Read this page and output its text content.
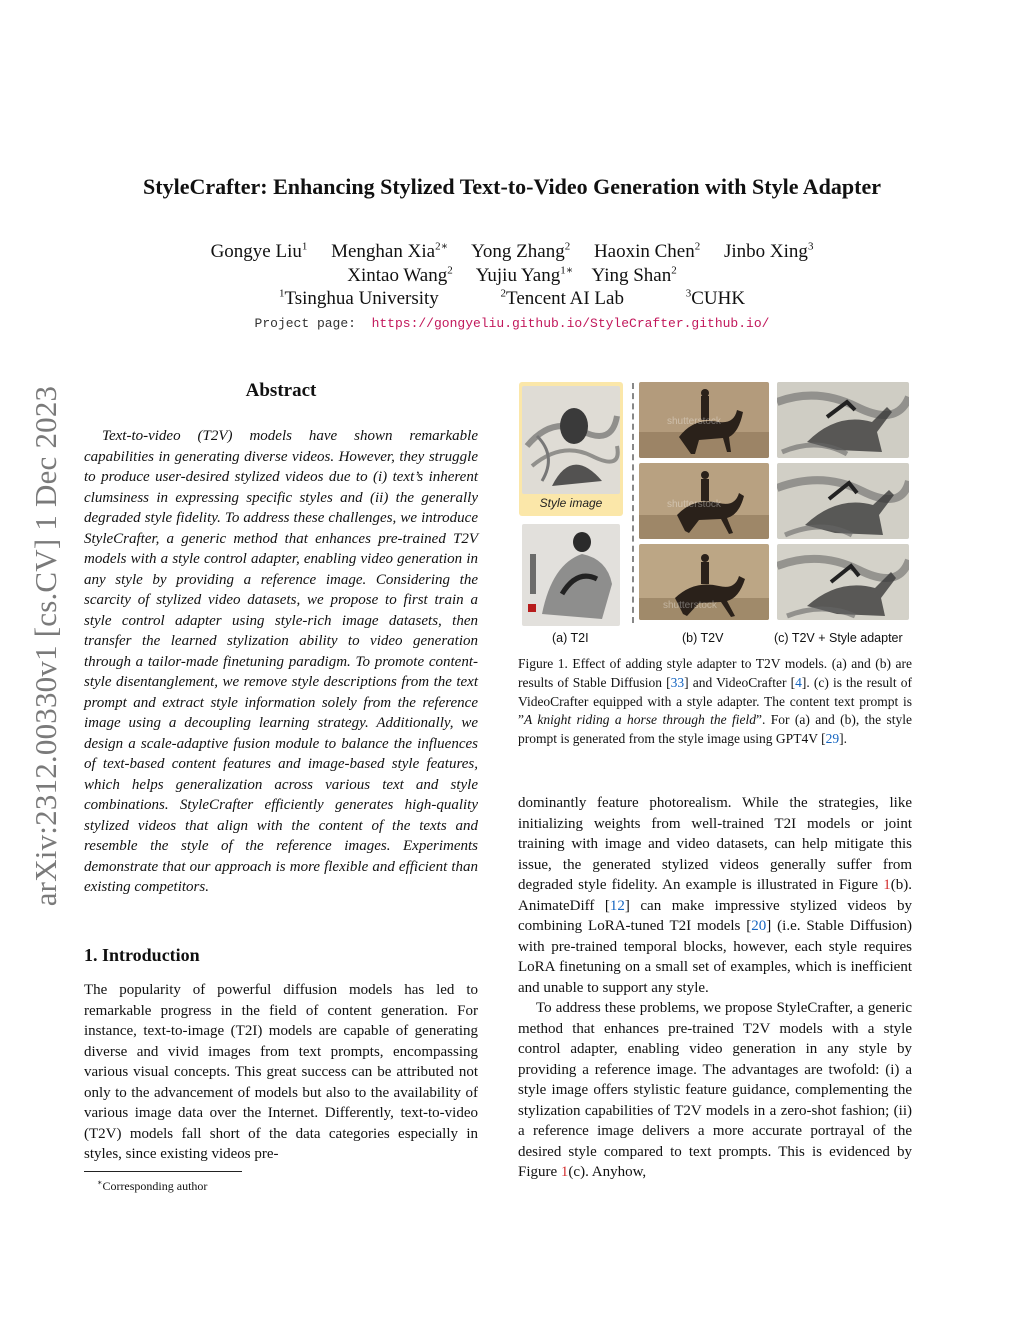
arXiv:2312.00330v1 [cs.CV] 1 Dec 2023
StyleCrafter: Enhancing Stylized Text-to-Video Generation with Style Adapter
Gongye Liu$^1$ Menghan Xia$^{2∗}$ Yong Zhang$^2$ Haoxin Chen$^2$ Jinbo Xing$^3$
Xintao Wang$^2$ Yujiu Yang$^{1∗}$ Ying Shan$^2$
$^1$Tsinghua University	$^2$Tencent AI Lab	$^3$CUHK
Project page: https://gongyeliu.github.io/StyleCrafter.github.io/
Abstract
Text-to-video (T2V) models have shown remarkable capabilities in generating diverse videos. However, they struggle to produce user-desired stylized videos due to (i) text’s inherent clumsiness in expressing specific styles and (ii) the generally degraded style fidelity. To address these challenges, we introduce StyleCrafter, a generic method that enhances pre-trained T2V models with a style control adapter, enabling video generation in any style by providing a reference image. Considering the scarcity of stylized video datasets, we propose to first train a style control adapter using style-rich image datasets, then transfer the learned stylization ability to video generation through a tailor-made finetuning paradigm. To promote content-style disentanglement, we remove style descriptions from the text prompt and extract style information solely from the reference image using a decoupling learning strategy. Additionally, we design a scale-adaptive fusion module to balance the influences of text-based content features and image-based style features, which helps generalization across various text and style combinations. StyleCrafter efficiently generates high-quality stylized videos that align with the content of the texts and resemble the style of the reference images. Experiments demonstrate that our approach is more flexible and efficient than existing competitors.
1. Introduction
The popularity of powerful diffusion models has led to remarkable progress in the field of content generation. For instance, text-to-image (T2I) models are capable of generating diverse and vivid images from text prompts, encompassing various visual concepts. This great success can be attributed not only to the advancement of models but also to the availability of various image data over the Internet. Differently, text-to-video (T2V) models fall short of the data categories especially in styles, since existing videos pre-
∗Corresponding author
Style image
shutterstock
shutterstock
shutterstock
(a) T2I	(b) T2V	(c) T2V + Style adapter
Figure 1. Effect of adding style adapter to T2V models. (a) and (b) are results of Stable Diffusion [33] and VideoCrafter [4]. (c) is the result of VideoCrafter equipped with a style adapter. The content text prompt is ”A knight riding a horse through the field”. For (a) and (b), the style prompt is generated from the style image using GPT4V [29].

dominantly feature photorealism. While the strategies, like initializing weights from well-trained T2I models or joint training with image and video datasets, can help mitigate this issue, the generated stylized videos generally suffer from degraded style fidelity. An example is illustrated in Figure 1(b). AnimateDiff [12] can make impressive stylized videos by combining LoRA-tuned T2I models [20] (i.e. Stable Diffusion) with pre-trained temporal blocks, however, each style requires LoRA finetuning on a small set of examples, which is inefficient and unable to support any style.

To address these problems, we propose StyleCrafter, a generic method that enhances pre-trained T2V models with a style control adapter, enabling video generation in any style by providing a reference image. The advantages are twofold: (i) a style image offers stylistic feature guidance, complementing the stylization capabilities of T2V models in a zero-shot fashion; (ii) a reference image delivers a more accurate portrayal of the desired style compared to text prompts. This is evidenced by Figure 1(c). Anyhow,
